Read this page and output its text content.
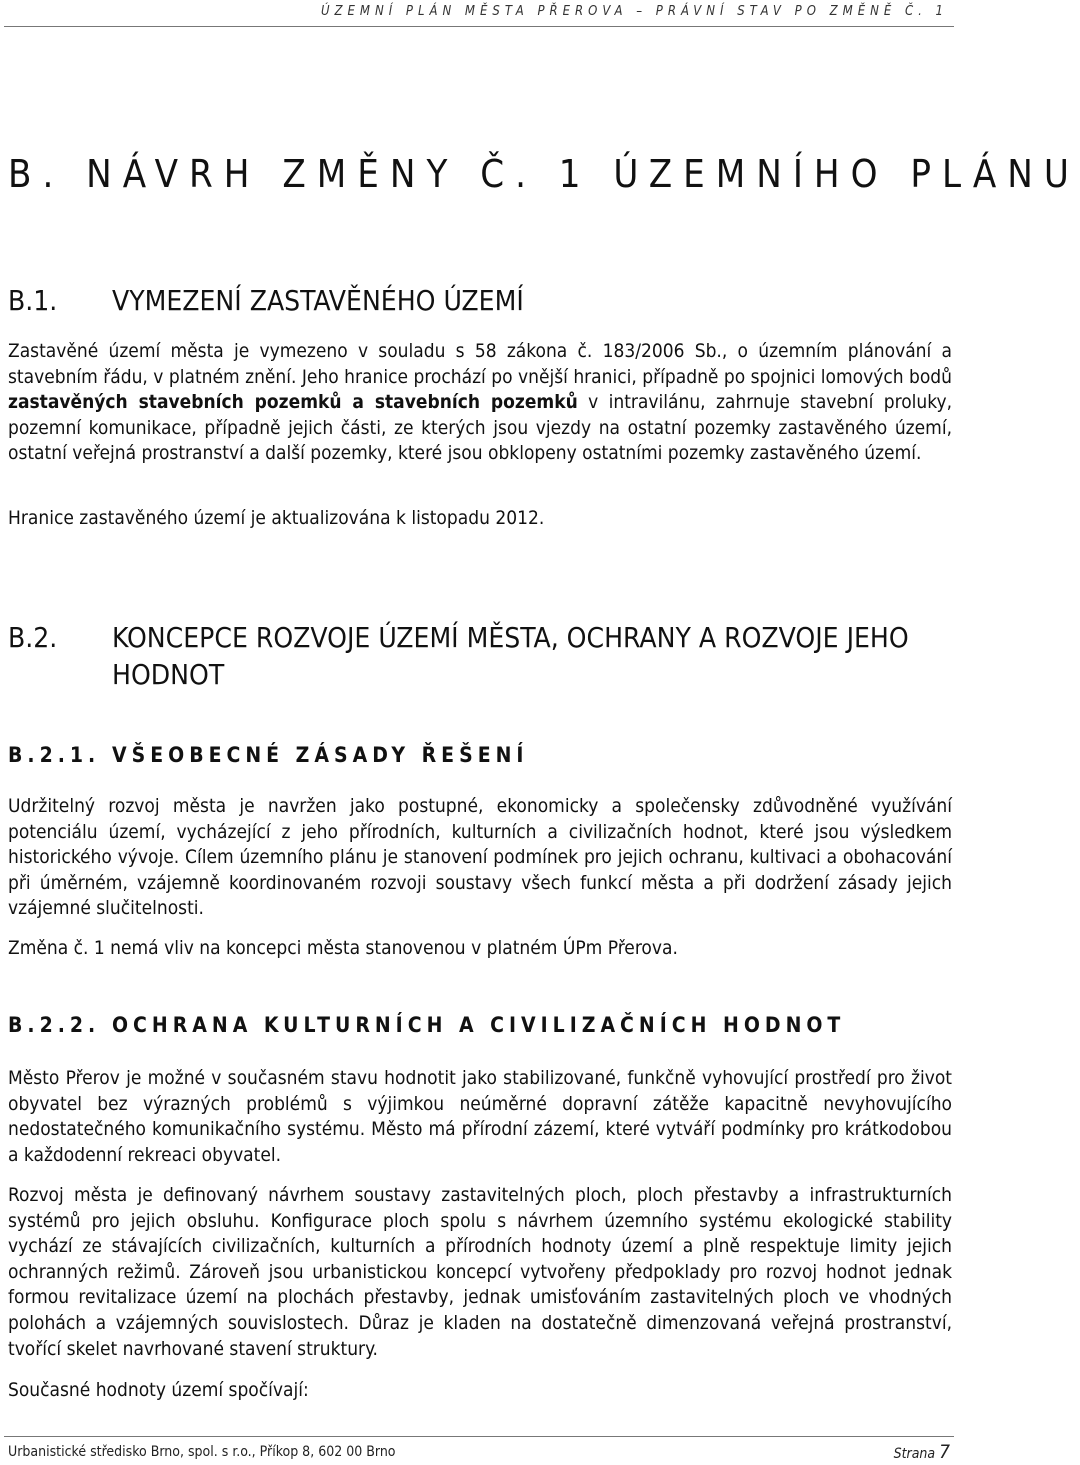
ÚZEMNÍ PLÁN MĚSTA PŘEROVA – PRÁVNÍ STAV PO ZMĚNĚ Č. 1
B. NÁVRH ZMĚNY Č. 1 ÚZEMNÍHO PLÁNU
B.1. VYMEZENÍ ZASTAVĚNÉHO ÚZEMÍ

Zastavěné území města je vymezeno v souladu s 58 zákona č. 183/2006 Sb., o územním plánování a stavebním řádu, v platném znění. Jeho hranice prochází po vnější hranici, případně po spojnici lomových bodů zastavěných stavebních pozemků a stavebních pozemků v intravilánu, zahrnuje stavební proluky, pozemní komunikace, případně jejich části, ze kterých jsou vjezdy na ostatní pozemky zastavěného území, ostatní veřejná prostranství a další pozemky, které jsou obklopeny ostatními pozemky zastavěného území.

Hranice zastavěného území je aktualizována k listopadu 2012.

B.2. KONCEPCE ROZVOJE ÚZEMÍ MĚSTA, OCHRANY A ROZVOJE JEHO
HODNOT
B.2.1. VŠEOBECNÉ ZÁSADY ŘEŠENÍ

Udržitelný rozvoj města je navržen jako postupné, ekonomicky a společensky zdůvodněné využívání potenciálu území, vycházející z jeho přírodních, kulturních a civilizačních hodnot, které jsou výsledkem historického vývoje. Cílem územního plánu je stanovení podmínek pro jejich ochranu, kultivaci a obohacování při úměrném, vzájemně koordinovaném rozvoji soustavy všech funkcí města a při dodržení zásady jejich vzájemné slučitelnosti.

Změna č. 1 nemá vliv na koncepci města stanovenou v platném ÚPm Přerova.

B.2.2. OCHRANA KULTURNÍCH A CIVILIZAČNÍCH HODNOT

Město Přerov je možné v současném stavu hodnotit jako stabilizované, funkčně vyhovující prostředí pro život obyvatel bez výrazných problémů s výjimkou neúměrné dopravní zátěže kapacitně nevyhovujícího nedostatečného komunikačního systému. Město má přírodní zázemí, které vytváří podmínky pro krátkodobou a každodenní rekreaci obyvatel.

Rozvoj města je definovaný návrhem soustavy zastavitelných ploch, ploch přestavby a infrastrukturních systémů pro jejich obsluhu. Konfigurace ploch spolu s návrhem územního systému ekologické stability vychází ze stávajících civilizačních, kulturních a přírodních hodnoty území a plně respektuje limity jejich ochranných režimů. Zároveň jsou urbanistickou koncepcí vytvořeny předpoklady pro rozvoj hodnot jednak formou revitalizace území na plochách přestavby, jednak umisťováním zastavitelných ploch ve vhodných polohách a vzájemných souvislostech. Důraz je kladen na dostatečně dimenzovaná veřejná prostranství, tvořící skelet navrhované stavení struktury.

Současné hodnoty území spočívají:

Urbanistické středisko Brno, spol. s r.o., Příkop 8, 602 00 Brno	Strana 7
